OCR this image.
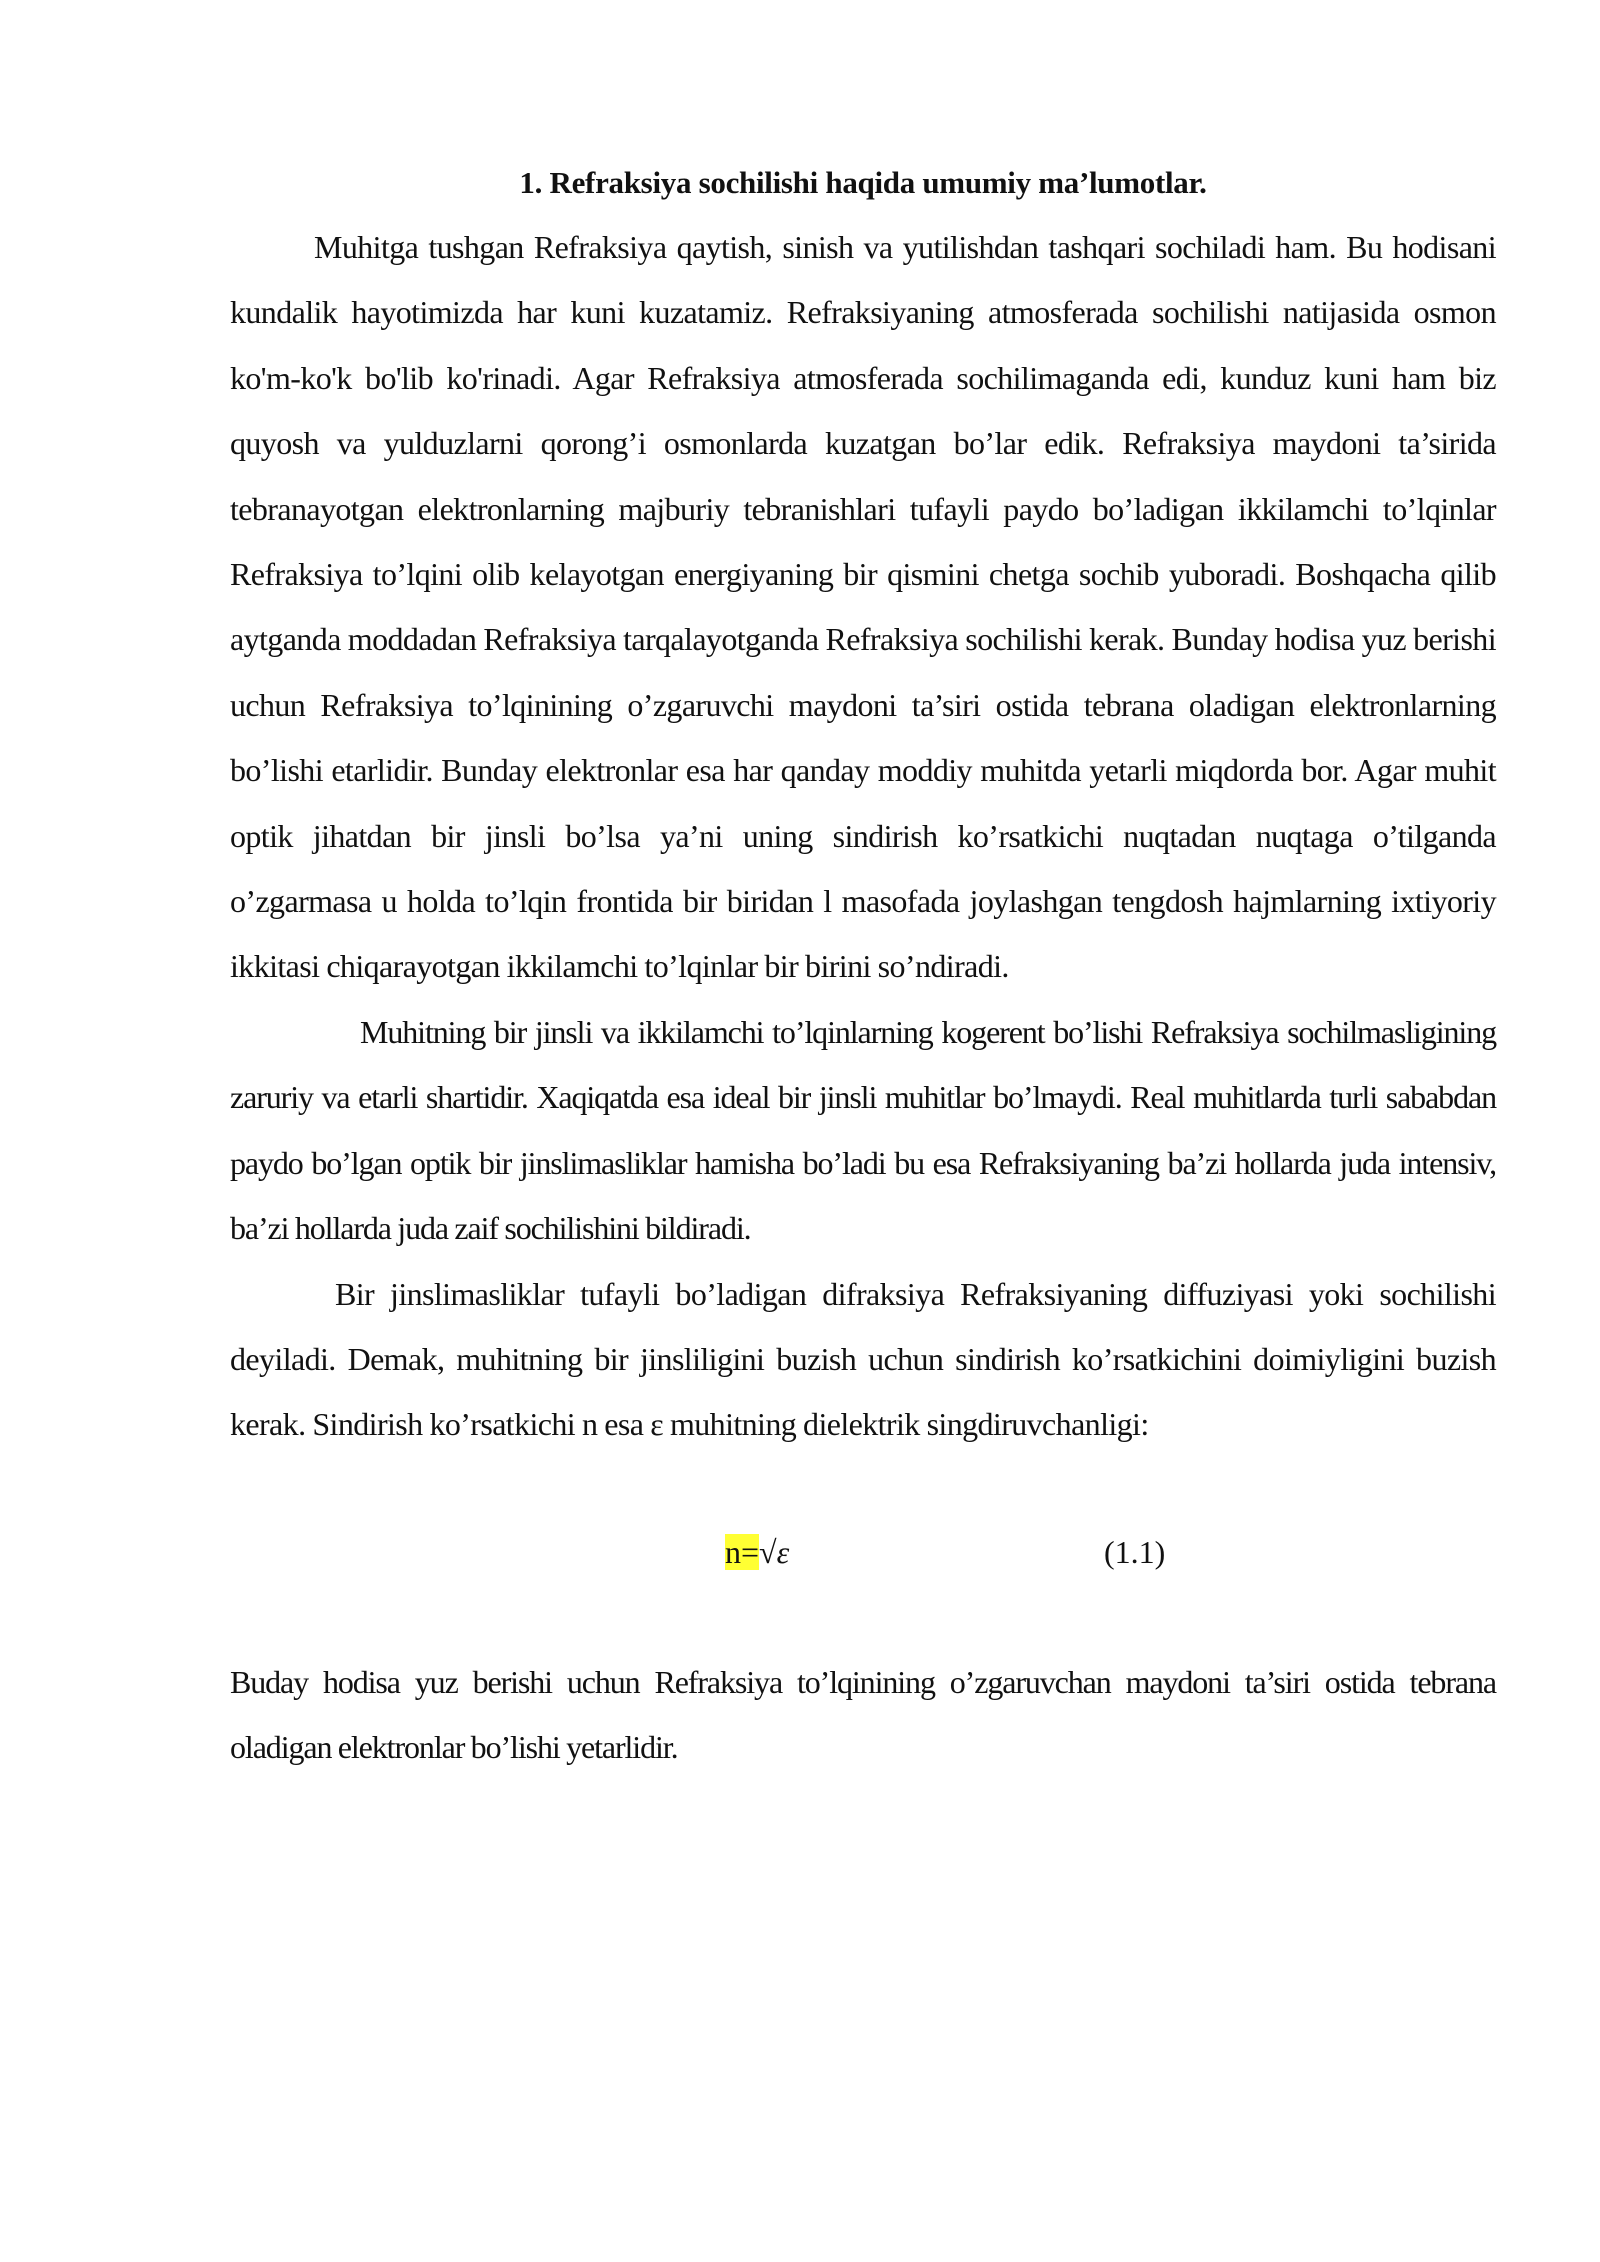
1. Refraksiya sochilishi haqida umumiy ma’lumotlar.

Muhitga tushgan Refraksiya qaytish, sinish va yutilishdan tashqari sochiladi ham. Bu hodisani kundalik hayotimizda har kuni kuzatamiz. Refraksiyaning atmosferada sochilishi natijasida osmon ko'm-ko'k bo'lib ko'rinadi. Agar Refraksiya atmosferada sochilimaganda edi, kunduz kuni ham biz quyosh va yulduzlarni qorong’i osmonlarda kuzatgan bo’lar edik. Refraksiya maydoni ta’sirida tebranayotgan elektronlarning majburiy tebranishlari tufayli paydo bo’ladigan ikkilamchi to’lqinlar Refraksiya to’lqini olib kelayotgan energiyaning bir qismini chetga sochib yuboradi. Boshqacha qilib aytganda moddadan Refraksiya tarqalayotganda Refraksiya sochilishi kerak. Bunday hodisa yuz berishi uchun Refraksiya to’lqinining o’zgaruvchi maydoni ta’siri ostida tebrana oladigan elektronlarning bo’lishi etarlidir. Bunday elektronlar esa har qanday moddiy muhitda yetarli miqdorda bor. Agar muhit optik jihatdan bir jinsli bo’lsa ya’ni uning sindirish ko’rsatkichi nuqtadan nuqtaga o’tilganda o’zgarmasa u holda to’lqin frontida bir biridan l masofada joylashgan tengdosh hajmlarning ixtiyoriy ikkitasi chiqarayotgan ikkilamchi to’lqinlar bir birini so’ndiradi.

Muhitning bir jinsli va ikkilamchi to’lqinlarning kogerent bo’lishi Refraksiya sochilmasligining zaruriy va etarli shartidir. Xaqiqatda esa ideal bir jinsli muhitlar bo’lmaydi. Real muhitlarda turli sababdan paydo bo’lgan optik bir jinslimasliklar hamisha bo’ladi bu esa Refraksiyaning ba’zi hollarda juda intensiv, ba’zi hollarda juda zaif sochilishini bildiradi.

Bir jinslimasliklar tufayli bo’ladigan difraksiya Refraksiyaning diffuziyasi yoki sochilishi deyiladi. Demak, muhitning bir jinsliligini buzish uchun sindirish ko’rsatkichini doimiyligini buzish kerak. Sindirish ko’rsatkichi n esa ε muhitning dielektrik singdiruvchanligi:

n=√ε	(1.1)

Buday hodisa yuz berishi uchun Refraksiya to’lqinining o’zgaruvchan maydoni ta’siri ostida tebrana oladigan elektronlar bo’lishi yetarlidir.
